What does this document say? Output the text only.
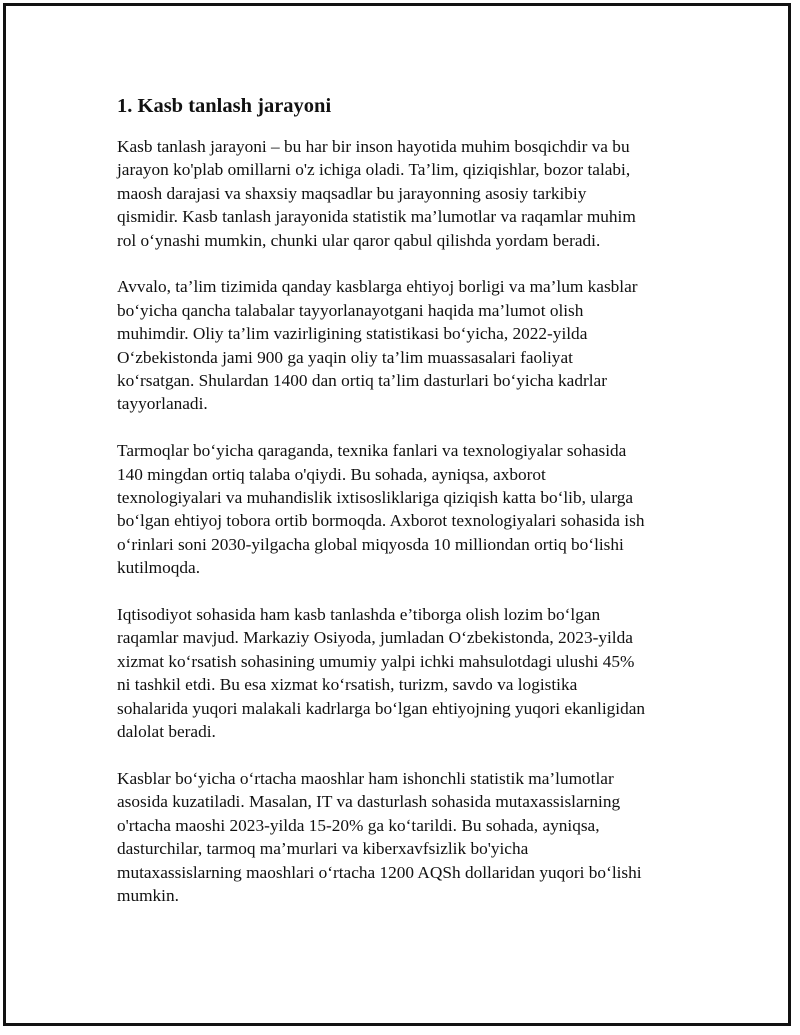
1. Kasb tanlash jarayoni

Kasb tanlash jarayoni – bu har bir inson hayotida muhim bosqichdir va bu
jarayon ko'plab omillarni o'z ichiga oladi. Ta’lim, qiziqishlar, bozor talabi,
maosh darajasi va shaxsiy maqsadlar bu jarayonning asosiy tarkibiy
qismidir. Kasb tanlash jarayonida statistik ma’lumotlar va raqamlar muhim
rol o‘ynashi mumkin, chunki ular qaror qabul qilishda yordam beradi.

Avvalo, ta’lim tizimida qanday kasblarga ehtiyoj borligi va ma’lum kasblar
bo‘yicha qancha talabalar tayyorlanayotgani haqida ma’lumot olish
muhimdir. Oliy ta’lim vazirligining statistikasi bo‘yicha, 2022-yilda
O‘zbekistonda jami 900 ga yaqin oliy ta’lim muassasalari faoliyat
ko‘rsatgan. Shulardan 1400 dan ortiq ta’lim dasturlari bo‘yicha kadrlar
tayyorlanadi.

Tarmoqlar bo‘yicha qaraganda, texnika fanlari va texnologiyalar sohasida
140 mingdan ortiq talaba o'qiydi. Bu sohada, ayniqsa, axborot
texnologiyalari va muhandislik ixtisosliklariga qiziqish katta bo‘lib, ularga
bo‘lgan ehtiyoj tobora ortib bormoqda. Axborot texnologiyalari sohasida ish
o‘rinlari soni 2030-yilgacha global miqyosda 10 milliondan ortiq bo‘lishi
kutilmoqda.

Iqtisodiyot sohasida ham kasb tanlashda e’tiborga olish lozim bo‘lgan
raqamlar mavjud. Markaziy Osiyoda, jumladan O‘zbekistonda, 2023-yilda
xizmat ko‘rsatish sohasining umumiy yalpi ichki mahsulotdagi ulushi 45%
ni tashkil etdi. Bu esa xizmat ko‘rsatish, turizm, savdo va logistika
sohalarida yuqori malakali kadrlarga bo‘lgan ehtiyojning yuqori ekanligidan
dalolat beradi.

Kasblar bo‘yicha o‘rtacha maoshlar ham ishonchli statistik ma’lumotlar
asosida kuzatiladi. Masalan, IT va dasturlash sohasida mutaxassislarning
o'rtacha maoshi 2023-yilda 15-20% ga ko‘tarildi. Bu sohada, ayniqsa,
dasturchilar, tarmoq ma’murlari va kiberxavfsizlik bo'yicha
mutaxassislarning maoshlari o‘rtacha 1200 AQSh dollaridan yuqori bo‘lishi
mumkin.
